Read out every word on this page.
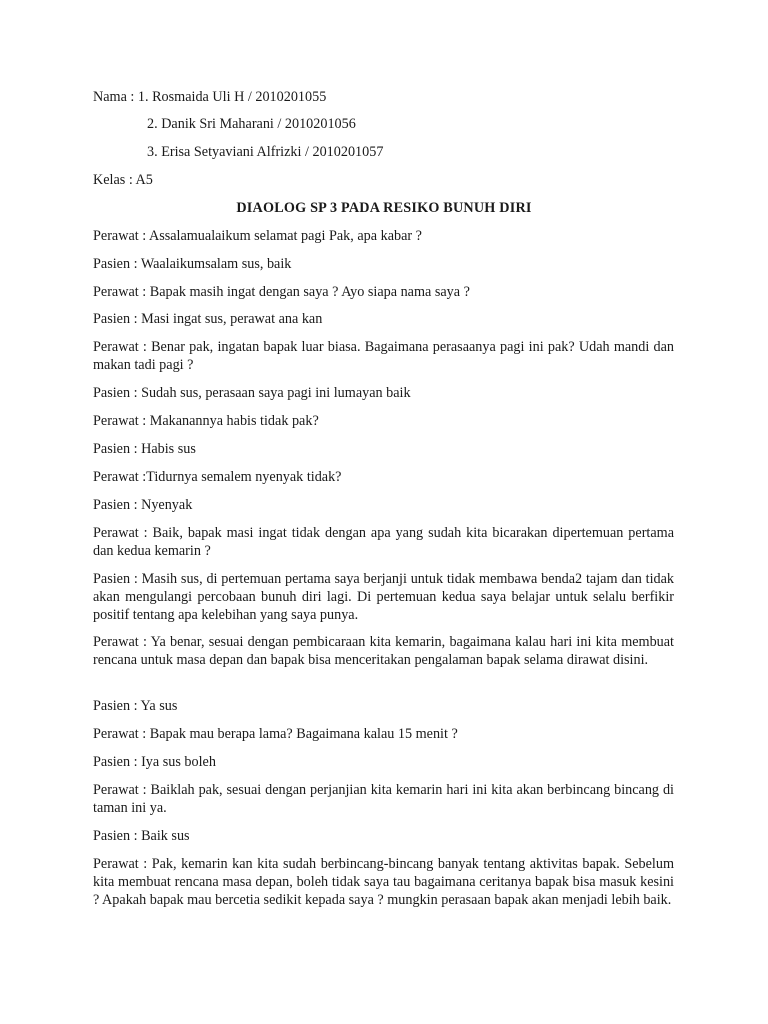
Nama : 1. Rosmaida Uli H / 2010201055
2. Danik Sri Maharani / 2010201056
3. Erisa Setyaviani Alfrizki / 2010201057
Kelas : A5
DIAOLOG SP 3 PADA RESIKO BUNUH DIRI
Perawat : Assalamualaikum selamat pagi Pak, apa kabar ?
Pasien : Waalaikumsalam sus, baik
Perawat : Bapak masih ingat dengan saya ? Ayo siapa nama saya ?
Pasien : Masi ingat sus, perawat ana kan
Perawat : Benar pak, ingatan bapak luar biasa. Bagaimana perasaanya pagi ini pak? Udah mandi dan makan tadi pagi ?
Pasien : Sudah sus, perasaan saya pagi ini lumayan baik
Perawat : Makanannya habis tidak pak?
Pasien : Habis sus
Perawat :Tidurnya semalem nyenyak tidak?
Pasien : Nyenyak
Perawat : Baik, bapak masi ingat tidak dengan apa yang sudah kita bicarakan dipertemuan pertama dan kedua kemarin ?
Pasien : Masih sus, di pertemuan pertama saya berjanji untuk tidak membawa benda2 tajam dan tidak akan mengulangi percobaan bunuh diri lagi. Di pertemuan kedua saya belajar untuk selalu berfikir positif tentang apa kelebihan yang saya punya.
Perawat : Ya benar, sesuai dengan pembicaraan kita kemarin, bagaimana kalau hari ini kita membuat rencana untuk masa depan dan bapak bisa menceritakan pengalaman bapak selama dirawat disini.
Pasien : Ya sus
Perawat : Bapak mau berapa lama? Bagaimana kalau 15 menit ?
Pasien : Iya sus boleh
Perawat : Baiklah pak, sesuai dengan perjanjian kita kemarin hari ini kita akan berbincang bincang di taman ini ya.
Pasien : Baik sus
Perawat : Pak, kemarin kan kita sudah berbincang-bincang banyak tentang aktivitas bapak. Sebelum kita membuat rencana masa depan, boleh tidak saya tau bagaimana ceritanya bapak bisa masuk kesini ? Apakah bapak mau bercetia sedikit kepada saya ? mungkin perasaan bapak akan menjadi lebih baik.
